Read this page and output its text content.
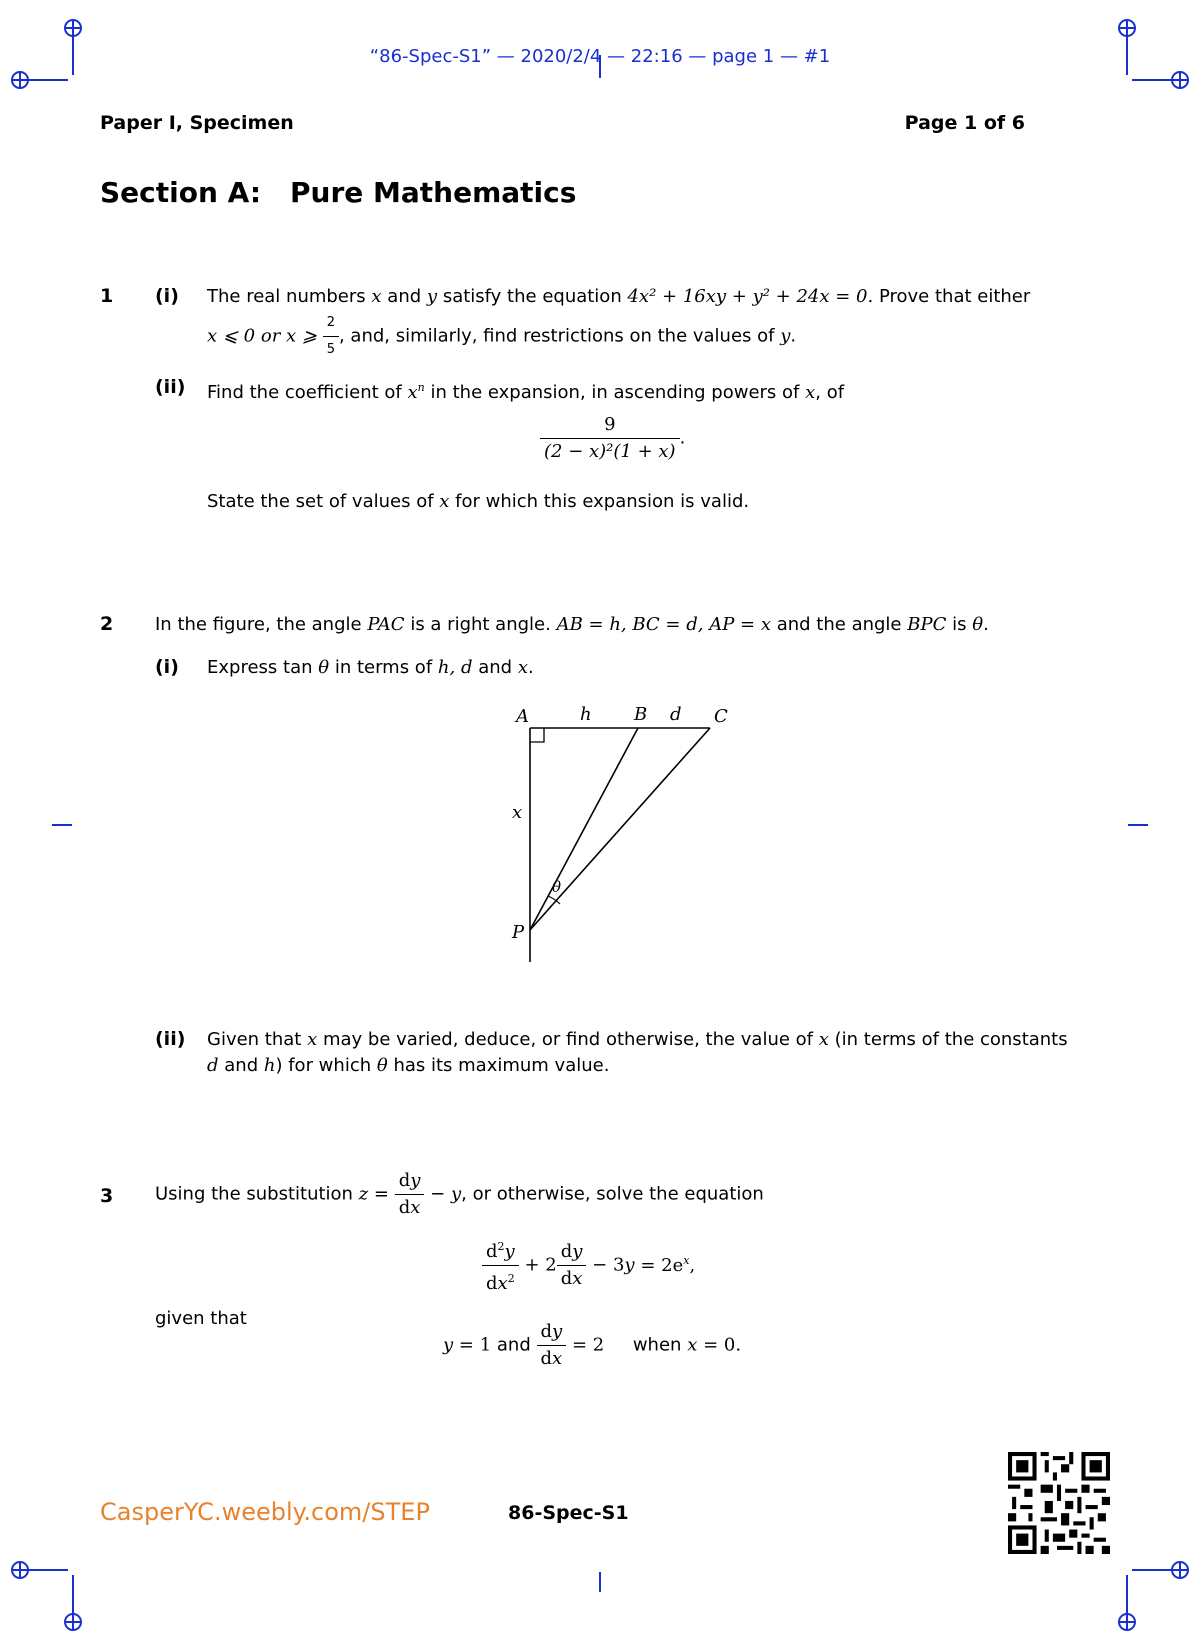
“86-Spec-S1” — 2020/2/4 — 22:16 — page 1 — #1
Paper I, Specimen	Page 1 of 6
Section A: Pure Mathematics
1 (i) The real numbers x and y satisfy the equation 4x² + 16xy + y² + 24x = 0. Prove that either
x ⩽ 0 or x ⩾ $\frac{2}{5}$ , and, similarly, find restrictions on the values of y.
(ii) Find the coefficient of $x^n$ in the expansion, in ascending powers of x, of
$\frac{9}{\text{(2 − x)²(1 + x)}}$ .
State the set of values of x for which this expansion is valid.
2 In the figure, the angle PAC is a right angle. AB = h, BC = d, AP = x and the angle BPC is θ.
(i) Express tan θ in terms of h, d and x.
A	h B d C
x
θ
P
(ii) Given that x may be varied, deduce, or find otherwise, the value of x (in terms of the constants
d and h) for which θ has its maximum value.
3 Using the substitution $z = \frac{dy}{dx} - y$, or otherwise, solve the equation
$\frac{d^2y}{dx^2} + 2 \frac{dy}{dx} - 3y = 2e^x$,
given that
y = 1 and $\frac{dy}{dx} = 2$ when x = 0.
CasperYC.weebly.com/STEP	86-Spec-S1
